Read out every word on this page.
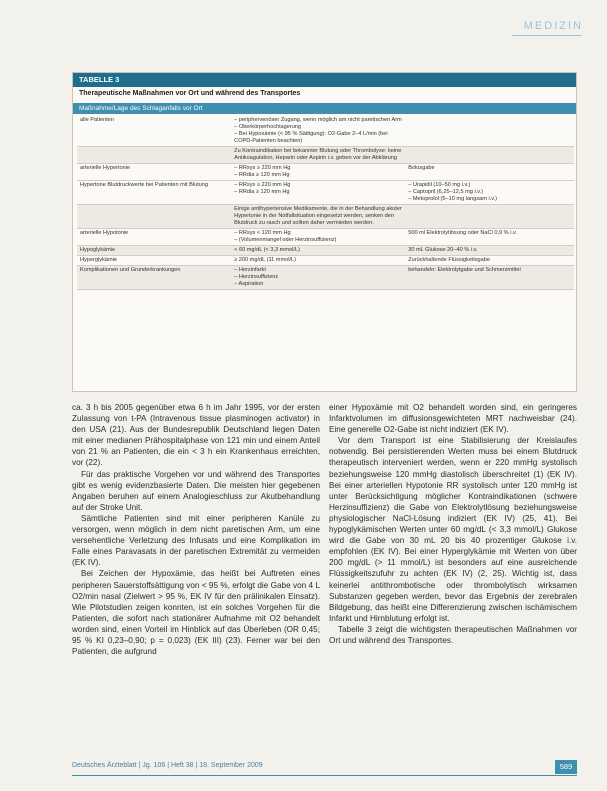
MEDIZIN
TABELLE 3
Therapeutische Maßnahmen vor Ort und während des Transportes
Maßnahme/Lage des Schlaganfalls vor Ort
alle Patienten	– periphervenöser Zugang, wenn möglich am nicht paretischen Arm
– Oberkörperhochlagerung
– Bei Hypoxämie (< 95 % Sättigung): O2-Gabe 2–4 L/min (bei COPD-Patienten beachten)	

	Zu Kontraindikation bei bekannter Blutung oder Thrombolyse: keine Antikoagulation, Heparin oder Aspirin i.v. geben vor der Abklärung	

arterielle Hypertonie	– RRsys ≥ 220 mm Hg
– RRdia ≥ 120 mm Hg	Bolusgabe

Hypertone Blutdruckwerte bei Patienten mit Blutung	– RRsys ≥ 220 mm Hg
– RRdia ≥ 120 mm Hg	– Urapidil (10–50 mg i.v.)
– Captopril (6,25–12,5 mg i.v.)
– Metoprolol (5–10 mg langsam i.v.)

	Einige antihypertensive Medikamente, die in der Behandlung akuter Hypertonie in der Notfallsituation eingesetzt werden, senken den Blutdruck zu rasch und sollten daher vermieden werden.	

arterielle Hypotonie	– RRsys < 120 mm Hg
– (Volumenmangel oder Herzinsuffizienz)	500 ml Elektrolytlösung oder NaCl 0,9 % i.v.

Hypoglykämie	< 60 mg/dL (< 3,3 mmol/L)	30 mL Glukose 20–40 % i.v.

Hyperglykämie	≥ 200 mg/dL (11 mmol/L)	Zurückhaltende Flüssigkeitsgabe

Komplikationen und Grunderkrankungen	– Herzinfarkt
– Herzinsuffizienz
– Aspiration	behandeln: Elektrolytgabe und Schmerzmittel

ca. 3 h bis 2005 gegenüber etwa 6 h im Jahr 1995, vor der ersten Zulassung von t-PA (Intravenous tissue plasminogen activator) in den USA (21). Aus der Bundesrepublik Deutschland liegen Daten mit einer medianen Prähospitalphase von 121 min und einem Anteil von 21 % an Patienten, die ein < 3 h ein Krankenhaus erreichten, vor (22).

Für das praktische Vorgehen vor und während des Transportes gibt es wenig evidenzbasierte Daten. Die meisten hier gegebenen Angaben beruhen auf einem Analogieschluss zur Akutbehandlung auf der Stroke Unit.

Sämtliche Patienten sind mit einer peripheren Kanüle zu versorgen, wenn möglich in dem nicht paretischen Arm, um eine versehentliche Verletzung des Infusats und eine Komplikation im Falle eines Paravasats in der paretischen Extremität zu vermeiden (EK IV).

Bei Zeichen der Hypoxämie, das heißt bei Auftreten eines peripheren Sauerstoffsättigung von < 95 %, erfolgt die Gabe von 4 L O2/min nasal (Zielwert > 95 %, EK IV für den prälinikalen Einsatz). Wie Pilotstudien zeigen konnten, ist ein solches Vorgehen für die Patienten, die sofort nach stationärer Aufnahme mit O2 behandelt worden sind, einen Vorteil im Hinblick auf das Überleben (OR 0,45; 95 % KI 0,23–0,90; p = 0,023) (EK III) (23). Ferner war bei den Patienten, die aufgrund

einer Hypoxämie mit O2 behandelt worden sind, ein geringeres Infarktvolumen im diffusionsgewichteten MRT nachweisbar (24). Eine generelle O2-Gabe ist nicht indiziert (EK IV).

Vor dem Transport ist eine Stabilisierung der Kreislaufes notwendig. Bei persistierenden Werten muss bei einem Blutdruck therapeutisch interveniert werden, wenn er 220 mmHg systolisch beziehungsweise 120 mmHg diastolisch überschreitet (1) (EK IV). Bei einer arteriellen Hypotonie RR systolisch unter 120 mmHg ist unter Berücksichtigung möglicher Kontraindikationen (schwere Herzinsuffizienz) die Gabe von Elektrolytlösung beziehungsweise physiologischer NaCl-Lösung indiziert (EK IV) (25, 41). Bei hypoglykämischen Werten unter 60 mg/dL (< 3,3 mmol/L) Glukose wird die Gabe von 30 mL 20 bis 40 prozentiger Glukose i.v. empfohlen (EK IV). Bei einer Hyperglykämie mit Werten von über 200 mg/dL (> 11 mmol/L) ist besonders auf eine ausreichende Flüssigkeitszufuhr zu achten (EK IV) (2, 25). Wichtig ist, dass keinerlei antithrombotische oder thrombolytisch wirksamen Substanzen gegeben werden, bevor das Ergebnis der zerebralen Bildgebung, das heißt eine Differenzierung zwischen ischämischem Infarkt und Hirnblutung erfolgt ist.

Tabelle 3 zeigt die wichtigsten therapeutischen Maßnahmen vor Ort und während des Transportes.

Deutsches Ärzteblatt | Jg. 106 | Heft 38 | 18. September 2009	589
